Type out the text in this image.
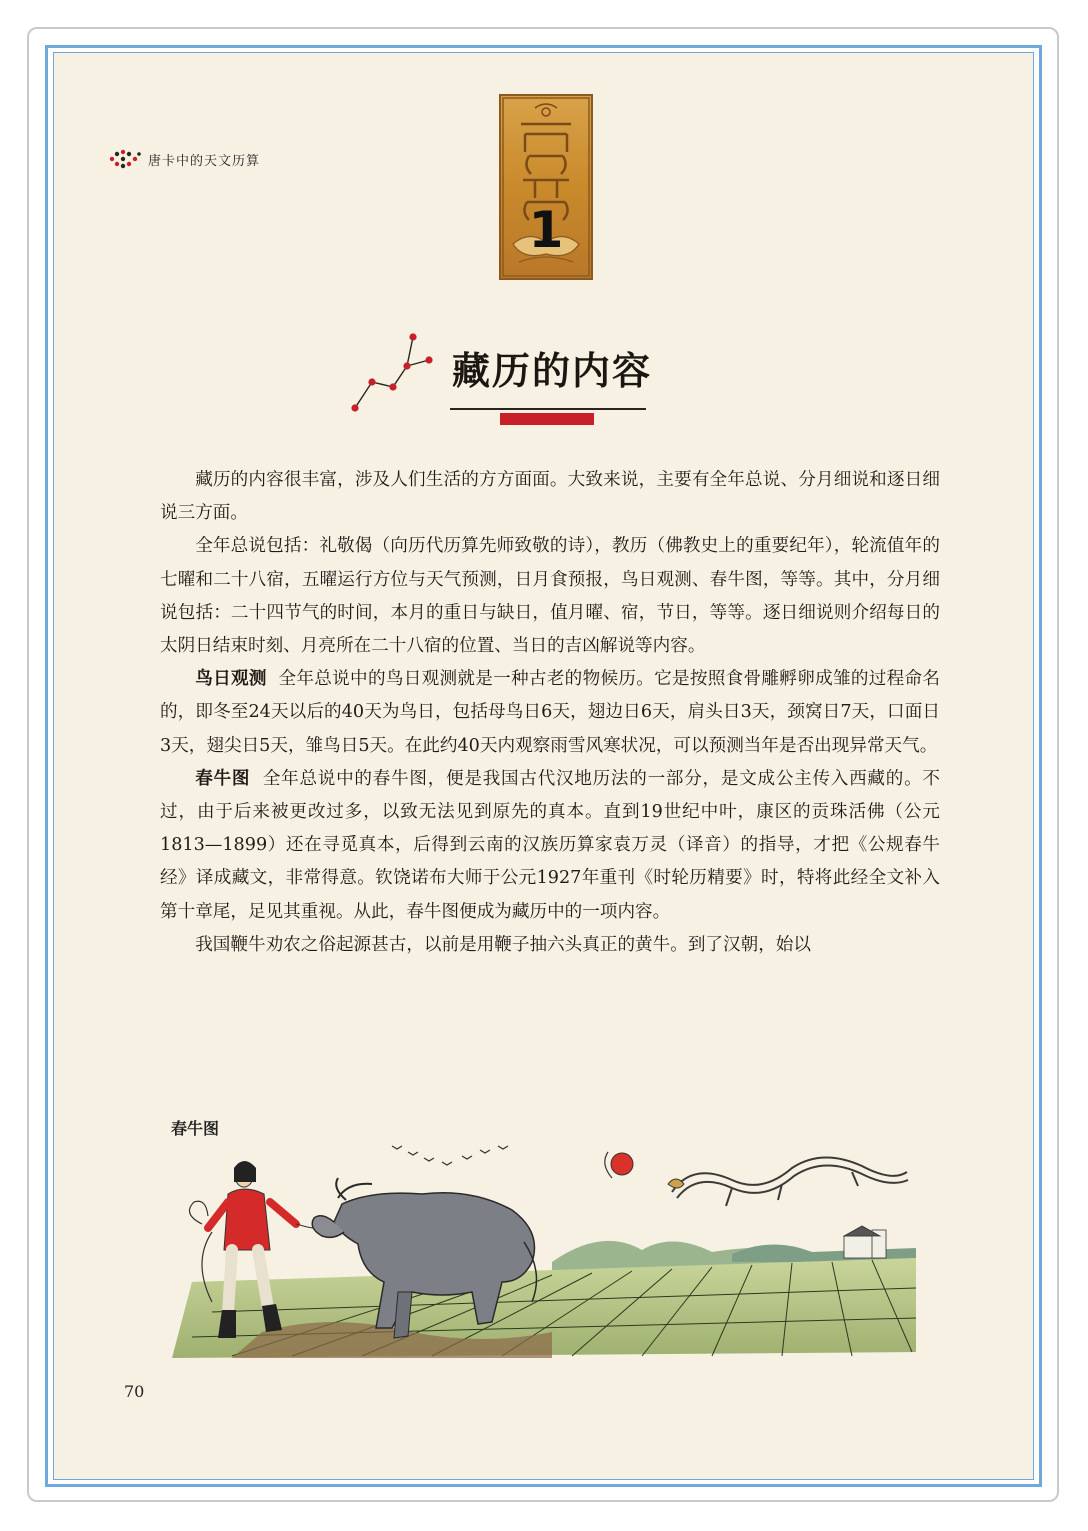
唐卡中的天文历算
1
藏历的内容

藏历的内容很丰富，涉及人们生活的方方面面。大致来说，主要有全年总说、分月细说和逐日细说三方面。

全年总说包括：礼敬偈（向历代历算先师致敬的诗），教历（佛教史上的重要纪年），轮流值年的七曜和二十八宿，五曜运行方位与天气预测，日月食预报，鸟日观测、春牛图，等等。其中，分月细说包括：二十四节气的时间，本月的重日与缺日，值月曜、宿，节日，等等。逐日细说则介绍每日的太阴日结束时刻、月亮所在二十八宿的位置、当日的吉凶解说等内容。

鸟日观测 全年总说中的鸟日观测就是一种古老的物候历。它是按照食骨雕孵卵成雏的过程命名的，即冬至24天以后的40天为鸟日，包括母鸟日6天，翅边日6天，肩头日3天，颈窝日7天，口面日3天，翅尖日5天，雏鸟日5天。在此约40天内观察雨雪风寒状况，可以预测当年是否出现异常天气。

春牛图 全年总说中的春牛图，便是我国古代汉地历法的一部分，是文成公主传入西藏的。不过，由于后来被更改过多，以致无法见到原先的真本。直到19世纪中叶，康区的贡珠活佛（公元1813—1899）还在寻觅真本，后得到云南的汉族历算家袁万灵（译音）的指导，才把《公规春牛经》译成藏文，非常得意。钦饶诺布大师于公元1927年重刊《时轮历精要》时，特将此经全文补入第十章尾，足见其重视。从此，春牛图便成为藏历中的一项内容。

我国鞭牛劝农之俗起源甚古，以前是用鞭子抽六头真正的黄牛。到了汉朝，始以

春牛图
70
